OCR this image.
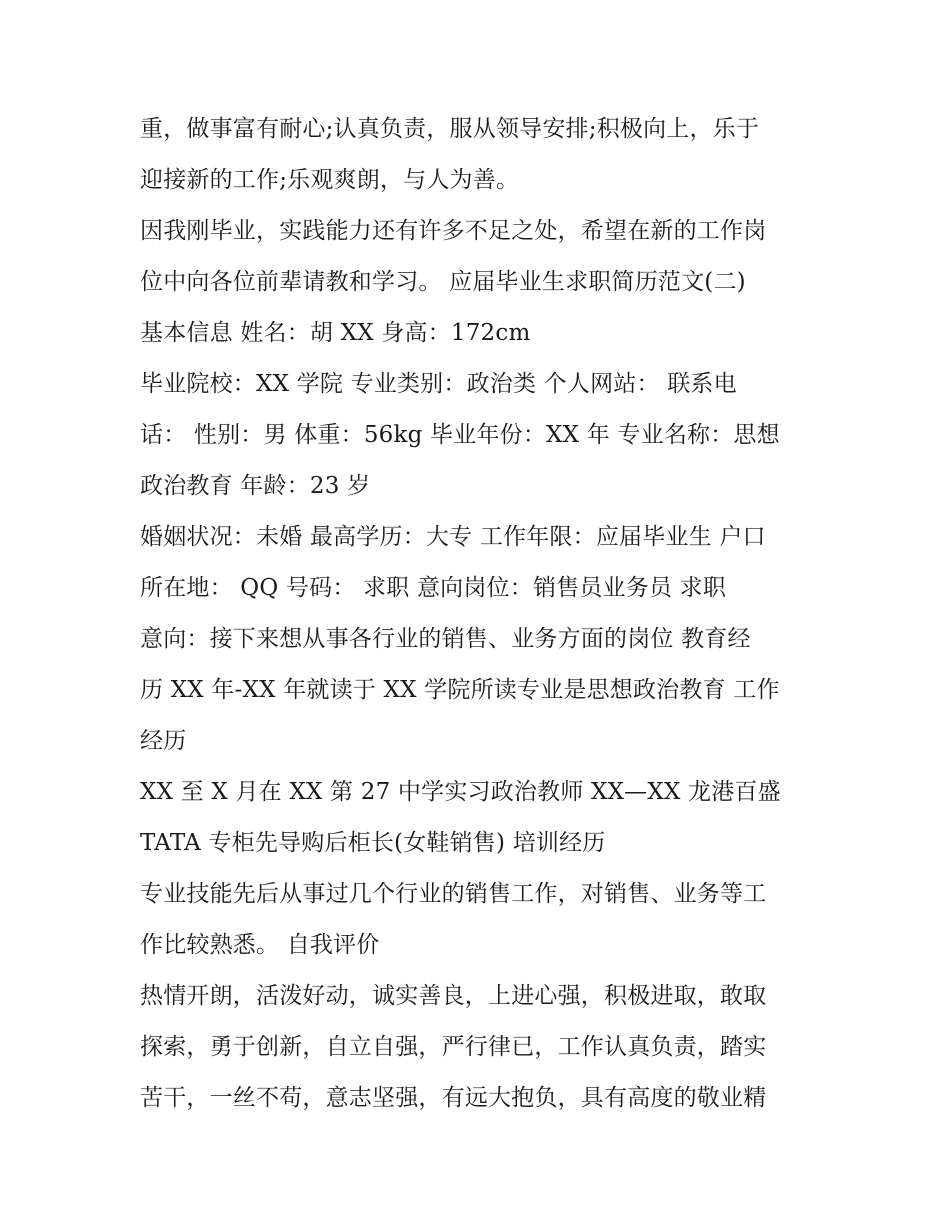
重，做事富有耐心;认真负责，服从领导安排;积极向上，乐于
迎接新的工作;乐观爽朗，与人为善。
因我刚毕业，实践能力还有许多不足之处，希望在新的工作岗
位中向各位前辈请教和学习。 应届毕业生求职简历范文(二)
基本信息 姓名：胡 XX 身高：172cm
毕业院校：XX 学院 专业类别：政治类 个人网站： 联系电
话： 性别：男 体重：56kg 毕业年份：XX 年 专业名称：思想
政治教育 年龄：23 岁
婚姻状况：未婚 最高学历：大专 工作年限：应届毕业生 户口
所在地： QQ 号码： 求职 意向岗位：销售员业务员 求职
意向：接下来想从事各行业的销售、业务方面的岗位 教育经
历 XX 年-XX 年就读于 XX 学院所读专业是思想政治教育 工作
经历
XX 至 X 月在 XX 第 27 中学实习政治教师 XX—XX 龙港百盛
TATA 专柜先导购后柜长(女鞋销售) 培训经历
专业技能先后从事过几个行业的销售工作，对销售、业务等工
作比较熟悉。 自我评价
热情开朗，活泼好动，诚实善良，上进心强，积极进取，敢取
探索，勇于创新，自立自强，严行律已，工作认真负责，踏实
苦干，一丝不苟，意志坚强，有远大抱负，具有高度的敬业精
